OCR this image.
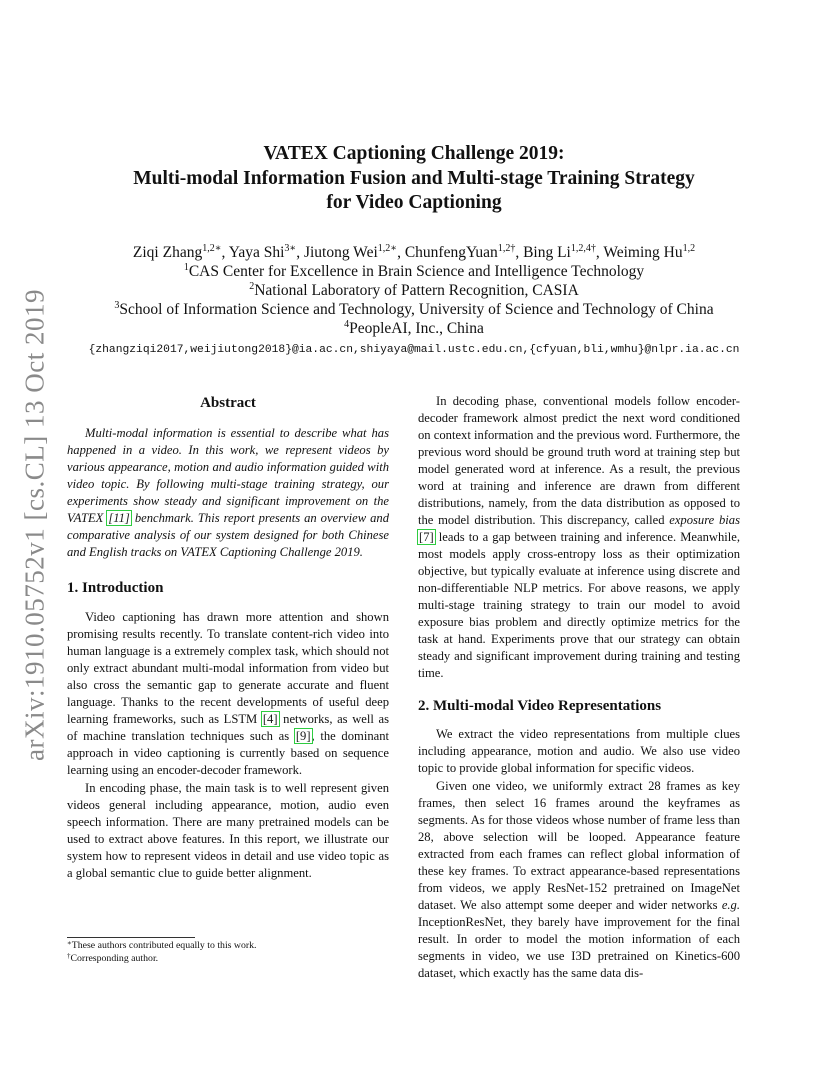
arXiv:1910.05752v1 [cs.CL] 13 Oct 2019
VATEX Captioning Challenge 2019:
Multi-modal Information Fusion and Multi-stage Training Strategy
for Video Captioning
Ziqi Zhang$^{1,2∗}$, Yaya Shi$^{3∗}$, Jiutong Wei$^{1,2∗}$, ChunfengYuan$^{1,2\dagger}$, Bing $Li^{1,2,4\dagger}$, Weiming Hu$^{1,2}$
$^1$CAS Center for Excellence in Brain Science and Intelligence Technology
$^2$National Laboratory of Pattern Recognition, CASIA
$^3$School of Information Science and Technology, University of Science and Technology of China
$^4$PeopleAI, Inc., China
{zhangziqi2017,weijiutong2018}@ia.ac.cn,shiyaya@mail.ustc.edu.cn,{cfyuan,bli,wmhu}@nlpr.ia.ac.cn
Abstract

Multi-modal information is essential to describe what has happened in a video. In this work, we represent videos by various appearance, motion and audio information guided with video topic. By following multi-stage training strategy, our experiments show steady and significant improvement on the VATEX [11] benchmark. This report presents an overview and comparative analysis of our system designed for both Chinese and English tracks on VATEX Captioning Challenge 2019.

1. Introduction

Video captioning has drawn more attention and shown promising results recently. To translate content-rich video into human language is a extremely complex task, which should not only extract abundant multi-modal information from video but also cross the semantic gap to generate accurate and fluent language. Thanks to the recent developments of useful deep learning frameworks, such as LSTM [4] networks, as well as of machine translation techniques such as [9], the dominant approach in video captioning is currently based on sequence learning using an encoder-decoder framework.

In encoding phase, the main task is to well represent given videos general including appearance, motion, audio even speech information. There are many pretrained models can be used to extract above features. In this report, we illustrate our system how to represent videos in detail and use video topic as a global semantic clue to guide better alignment.

In decoding phase, conventional models follow encoder-decoder framework almost predict the next word conditioned on context information and the previous word. Furthermore, the previous word should be ground truth word at training step but model generated word at inference. As a result, the previous word at training and inference are drawn from different distributions, namely, from the data distribution as opposed to the model distribution. This discrepancy, called exposure bias [7] leads to a gap between training and inference. Meanwhile, most models apply cross-entropy loss as their optimization objective, but typically evaluate at inference using discrete and non-differentiable NLP metrics. For above reasons, we apply multi-stage training strategy to train our model to avoid exposure bias problem and directly optimize metrics for the task at hand. Experiments prove that our strategy can obtain steady and significant improvement during training and testing time.

2. Multi-modal Video Representations

We extract the video representations from multiple clues including appearance, motion and audio. We also use video topic to provide global information for specific videos.

Given one video, we uniformly extract 28 frames as key frames, then select 16 frames around the keyframes as segments. As for those videos whose number of frame less than 28, above selection will be looped. Appearance feature extracted from each frames can reflect global information of these key frames. To extract appearance-based representations from videos, we apply ResNet-152 pretrained on ImageNet dataset. We also attempt some deeper and wider networks e.g. InceptionResNet, they barely have improvement for the final result. In order to model the motion information of each segments in video, we use I3D pretrained on Kinetics-600 dataset, which exactly has the same data dis-

∗These authors contributed equally to this work.
†Corresponding author.
